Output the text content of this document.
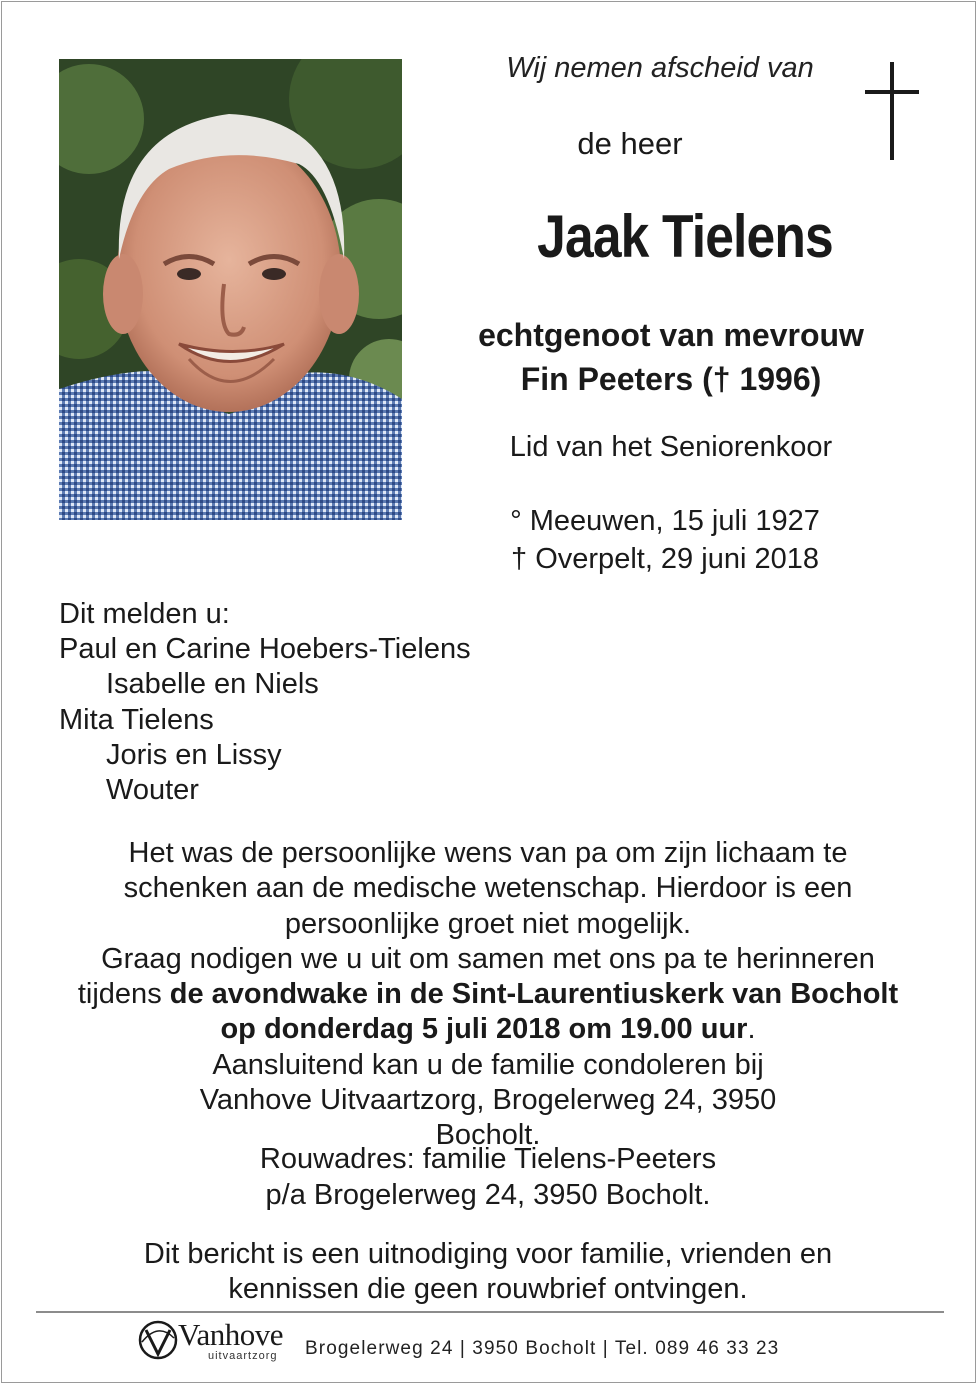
Wij nemen afscheid van
de heer
Jaak Tielens
echtgenoot van mevrouw
Fin Peeters († 1996)
Lid van het Seniorenkoor
° Meeuwen, 15 juli 1927
† Overpelt, 29 juni 2018
Dit melden u:
Paul en Carine Hoebers-Tielens
Isabelle en Niels
Mita Tielens
Joris en Lissy
Wouter

Het was de persoonlijke wens van pa om zijn lichaam te schenken aan de medische wetenschap. Hierdoor is een persoonlijke groet niet mogelijk.

Graag nodigen we u uit om samen met ons pa te herinneren tijdens de avondwake in de Sint-Laurentiuskerk van Bocholt op donderdag 5 juli 2018 om 19.00 uur.

Aansluitend kan u de familie condoleren bij Vanhove Uitvaartzorg, Brogelerweg 24, 3950 Bocholt.

Rouwadres: familie Tielens-Peeters
p/a Brogelerweg 24, 3950 Bocholt.
Dit bericht is een uitnodiging voor familie, vrienden en
kennissen die geen rouwbrief ontvingen.
Vanhove
uitvaartzorg Brogelerweg 24 | 3950 Bocholt | Tel. 089 46 33 23
